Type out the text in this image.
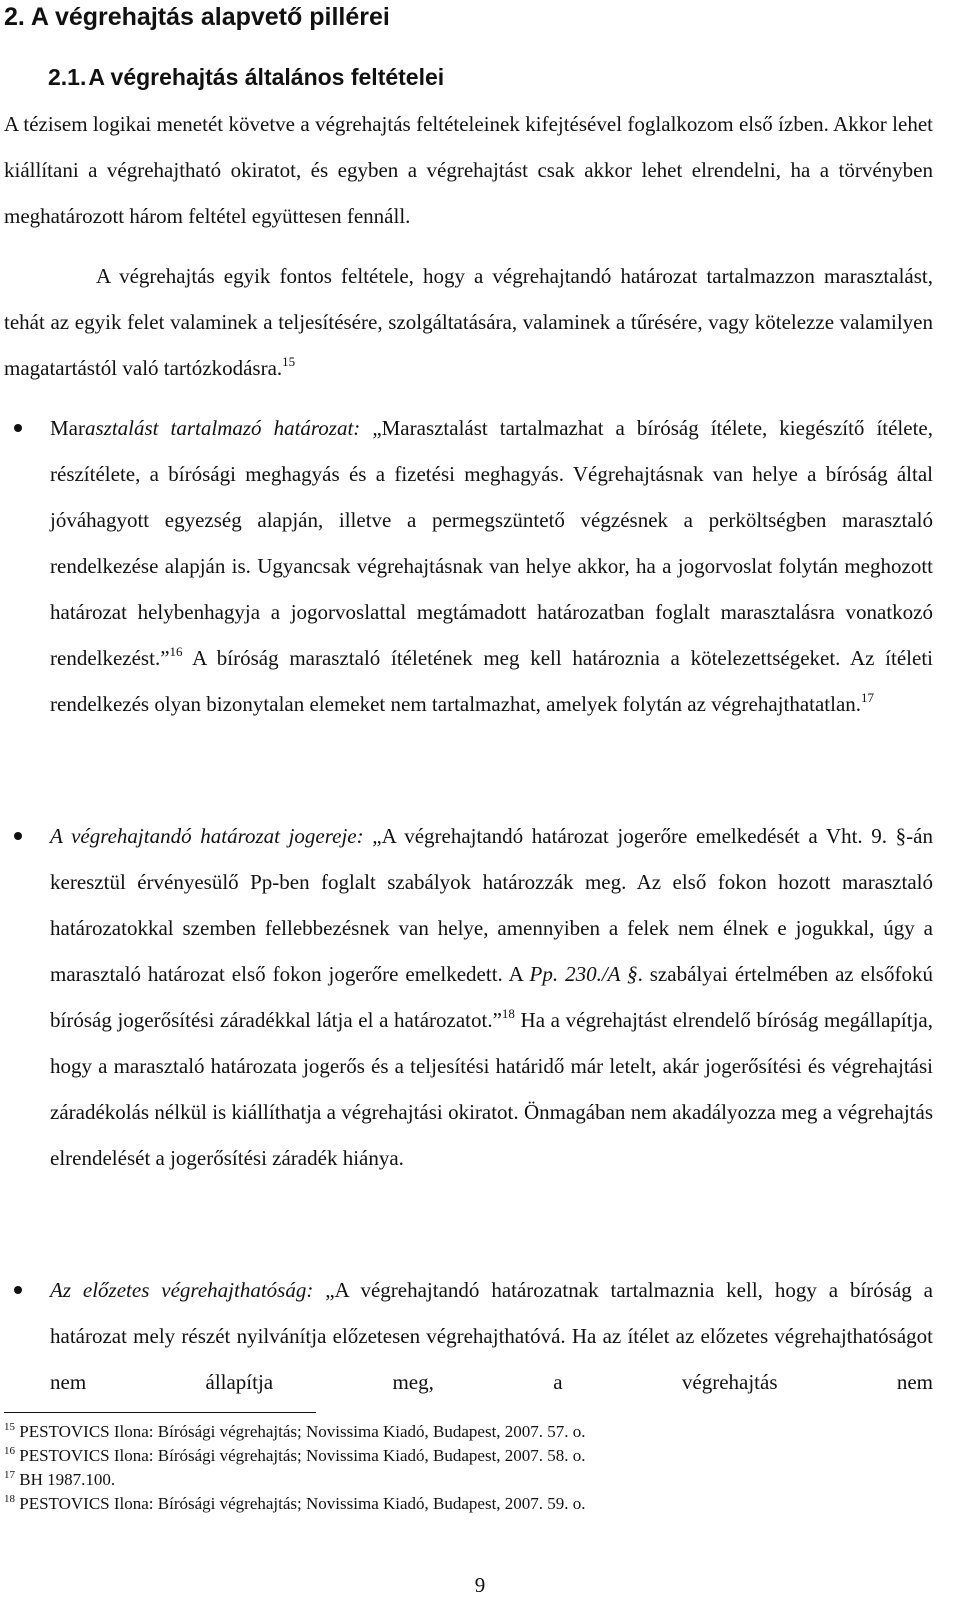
2. A végrehajtás alapvető pillérei
2.1.A végrehajtás általános feltételei

A tézisem logikai menetét követve a végrehajtás feltételeinek kifejtésével foglalkozom első ízben. Akkor lehet kiállítani a végrehajtható okiratot, és egyben a végrehajtást csak akkor lehet elrendelni, ha a törvényben meghatározott három feltétel együttesen fennáll.

A végrehajtás egyik fontos feltétele, hogy a végrehajtandó határozat tartalmazzon marasztalást, tehát az egyik felet valaminek a teljesítésére, szolgáltatására, valaminek a tűrésére, vagy kötelezze valamilyen magatartástól való tartózkodásra.$^{15}$

Marasztalást tartalmazó határozat: „Marasztalást tartalmazhat a bíróság ítélete, kiegészítő ítélete, részítélete, a bírósági meghagyás és a fizetési meghagyás. Végrehajtásnak van helye a bíróság által jóváhagyott egyezség alapján, illetve a permegszüntető végzésnek a perköltségben marasztaló rendelkezése alapján is. Ugyancsak végrehajtásnak van helye akkor, ha a jogorvoslat folytán meghozott határozat helybenhagyja a jogorvoslattal megtámadott határozatban foglalt marasztalásra vonatkozó rendelkezést.”$^{16}$ A bíróság marasztaló ítéletének meg kell határoznia a kötelezettségeket. Az ítéleti rendelkezés olyan bizonytalan elemeket nem tartalmazhat, amelyek folytán az végrehajthatatlan.$^{17}$

A végrehajtandó határozat jogereje: „A végrehajtandó határozat jogerőre emelkedését a Vht. 9. §-án keresztül érvényesülő Pp-ben foglalt szabályok határozzák meg. Az első fokon hozott marasztaló határozatokkal szemben fellebbezésnek van helye, amennyiben a felek nem élnek e jogukkal, úgy a marasztaló határozat első fokon jogerőre emelkedett. A Pp. 230./A §. szabályai értelmében az elsőfokú bíróság jogerősítési záradékkal látja el a határozatot.”$^{18}$ Ha a végrehajtást elrendelő bíróság megállapítja, hogy a marasztaló határozata jogerős és a teljesítési határidő már letelt, akár jogerősítési és végrehajtási záradékolás nélkül is kiállíthatja a végrehajtási okiratot. Önmagában nem akadályozza meg a végrehajtás elrendelését a jogerősítési záradék hiánya.

Az előzetes végrehajthatóság: „A végrehajtandó határozatnak tartalmaznia kell, hogy a bíróság a határozat mely részét nyilvánítja előzetesen végrehajthatóvá. Ha az ítélet az előzetes végrehajthatóságot nem állapítja meg, a végrehajtás nem

$^{15}$ PESTOVICS Ilona: Bírósági végrehajtás; Novissima Kiadó, Budapest, 2007. 57. o.
$^{16}$ PESTOVICS Ilona: Bírósági végrehajtás; Novissima Kiadó, Budapest, 2007. 58. o.
$^{17}$ BH 1987.100.
$^{18}$ PESTOVICS Ilona: Bírósági végrehajtás; Novissima Kiadó, Budapest, 2007. 59. o.
9
